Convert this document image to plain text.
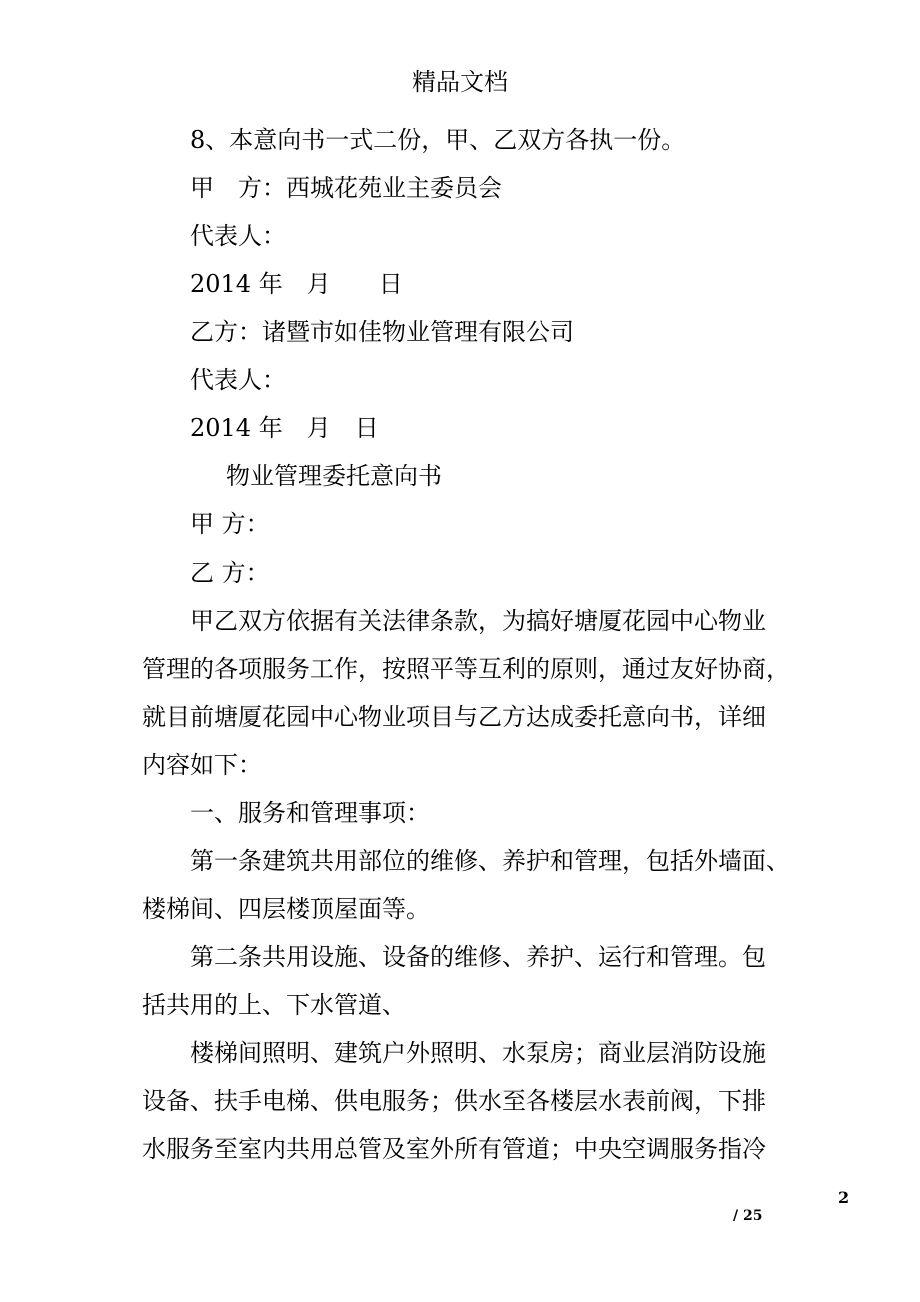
精品文档
8、本意向书一式二份，甲、乙双方各执一份。
甲　方：西城花苑业主委员会
代表人：
2014 年　月　　日
乙方：诸暨市如佳物业管理有限公司
代表人：
2014 年　月　日
物业管理委托意向书
甲 方：
乙 方：
甲乙双方依据有关法律条款，为搞好塘厦花园中心物业
管理的各项服务工作，按照平等互利的原则，通过友好协商，
就目前塘厦花园中心物业项目与乙方达成委托意向书，详细
内容如下：
一、服务和管理事项：
第一条建筑共用部位的维修、养护和管理，包括外墙面、
楼梯间、四层楼顶屋面等。
第二条共用设施、设备的维修、养护、运行和管理。包
括共用的上、下水管道、
楼梯间照明、建筑户外照明、水泵房；商业层消防设施
设备、扶手电梯、供电服务；供水至各楼层水表前阀，下排
水服务至室内共用总管及室外所有管道；中央空调服务指冷
2
/ 25
